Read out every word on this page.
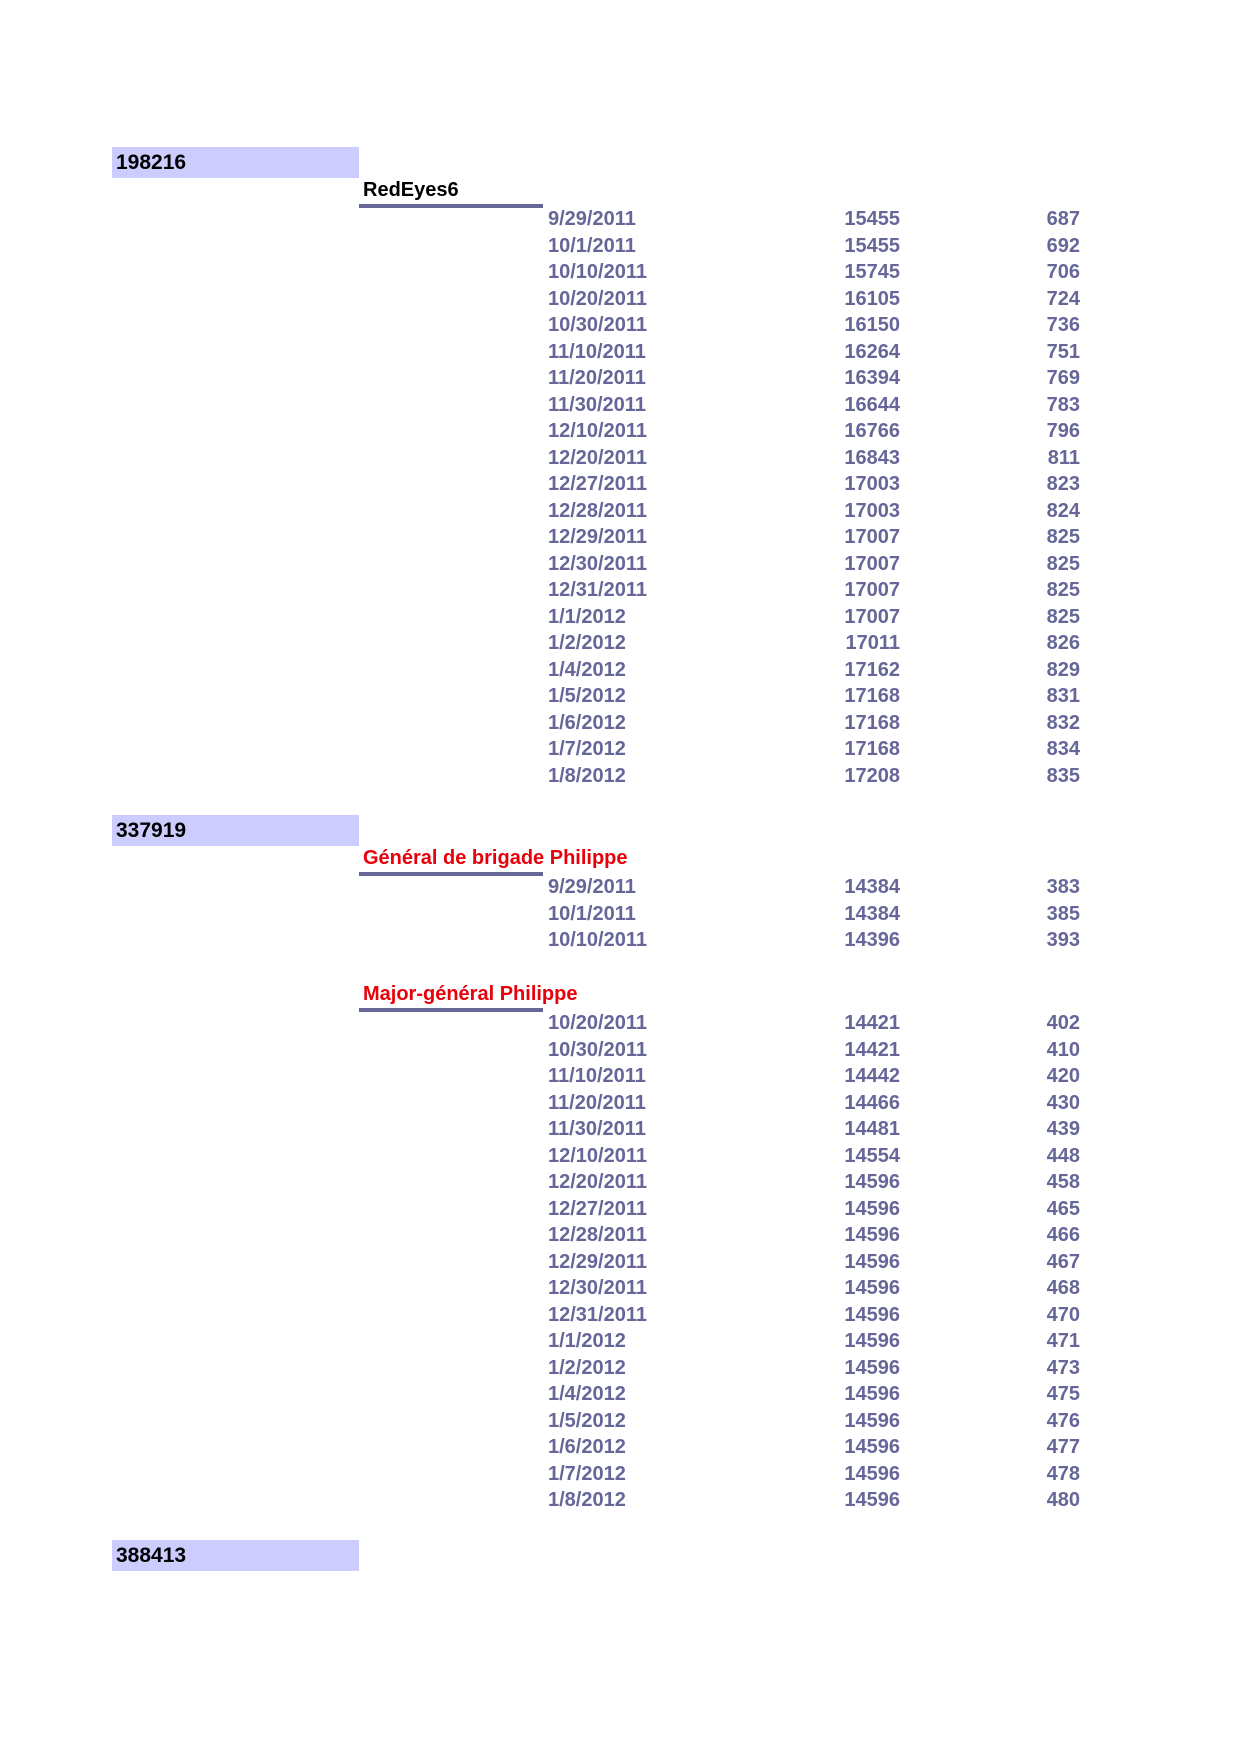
198216
RedEyes6
9/29/2011	15455	687
10/1/2011	15455	692
10/10/2011	15745	706
10/20/2011	16105	724
10/30/2011	16150	736
11/10/2011	16264	751
11/20/2011	16394	769
11/30/2011	16644	783
12/10/2011	16766	796
12/20/2011	16843	811
12/27/2011	17003	823
12/28/2011	17003	824
12/29/2011	17007	825
12/30/2011	17007	825
12/31/2011	17007	825
1/1/2012	17007	825
1/2/2012	17011	826
1/4/2012	17162	829
1/5/2012	17168	831
1/6/2012	17168	832
1/7/2012	17168	834
1/8/2012	17208	835
337919
Général de brigade Philippe
9/29/2011	14384	383
10/1/2011	14384	385
10/10/2011	14396	393
Major-général Philippe
10/20/2011	14421	402
10/30/2011	14421	410
11/10/2011	14442	420
11/20/2011	14466	430
11/30/2011	14481	439
12/10/2011	14554	448
12/20/2011	14596	458
12/27/2011	14596	465
12/28/2011	14596	466
12/29/2011	14596	467
12/30/2011	14596	468
12/31/2011	14596	470
1/1/2012	14596	471
1/2/2012	14596	473
1/4/2012	14596	475
1/5/2012	14596	476
1/6/2012	14596	477
1/7/2012	14596	478
1/8/2012	14596	480
388413
